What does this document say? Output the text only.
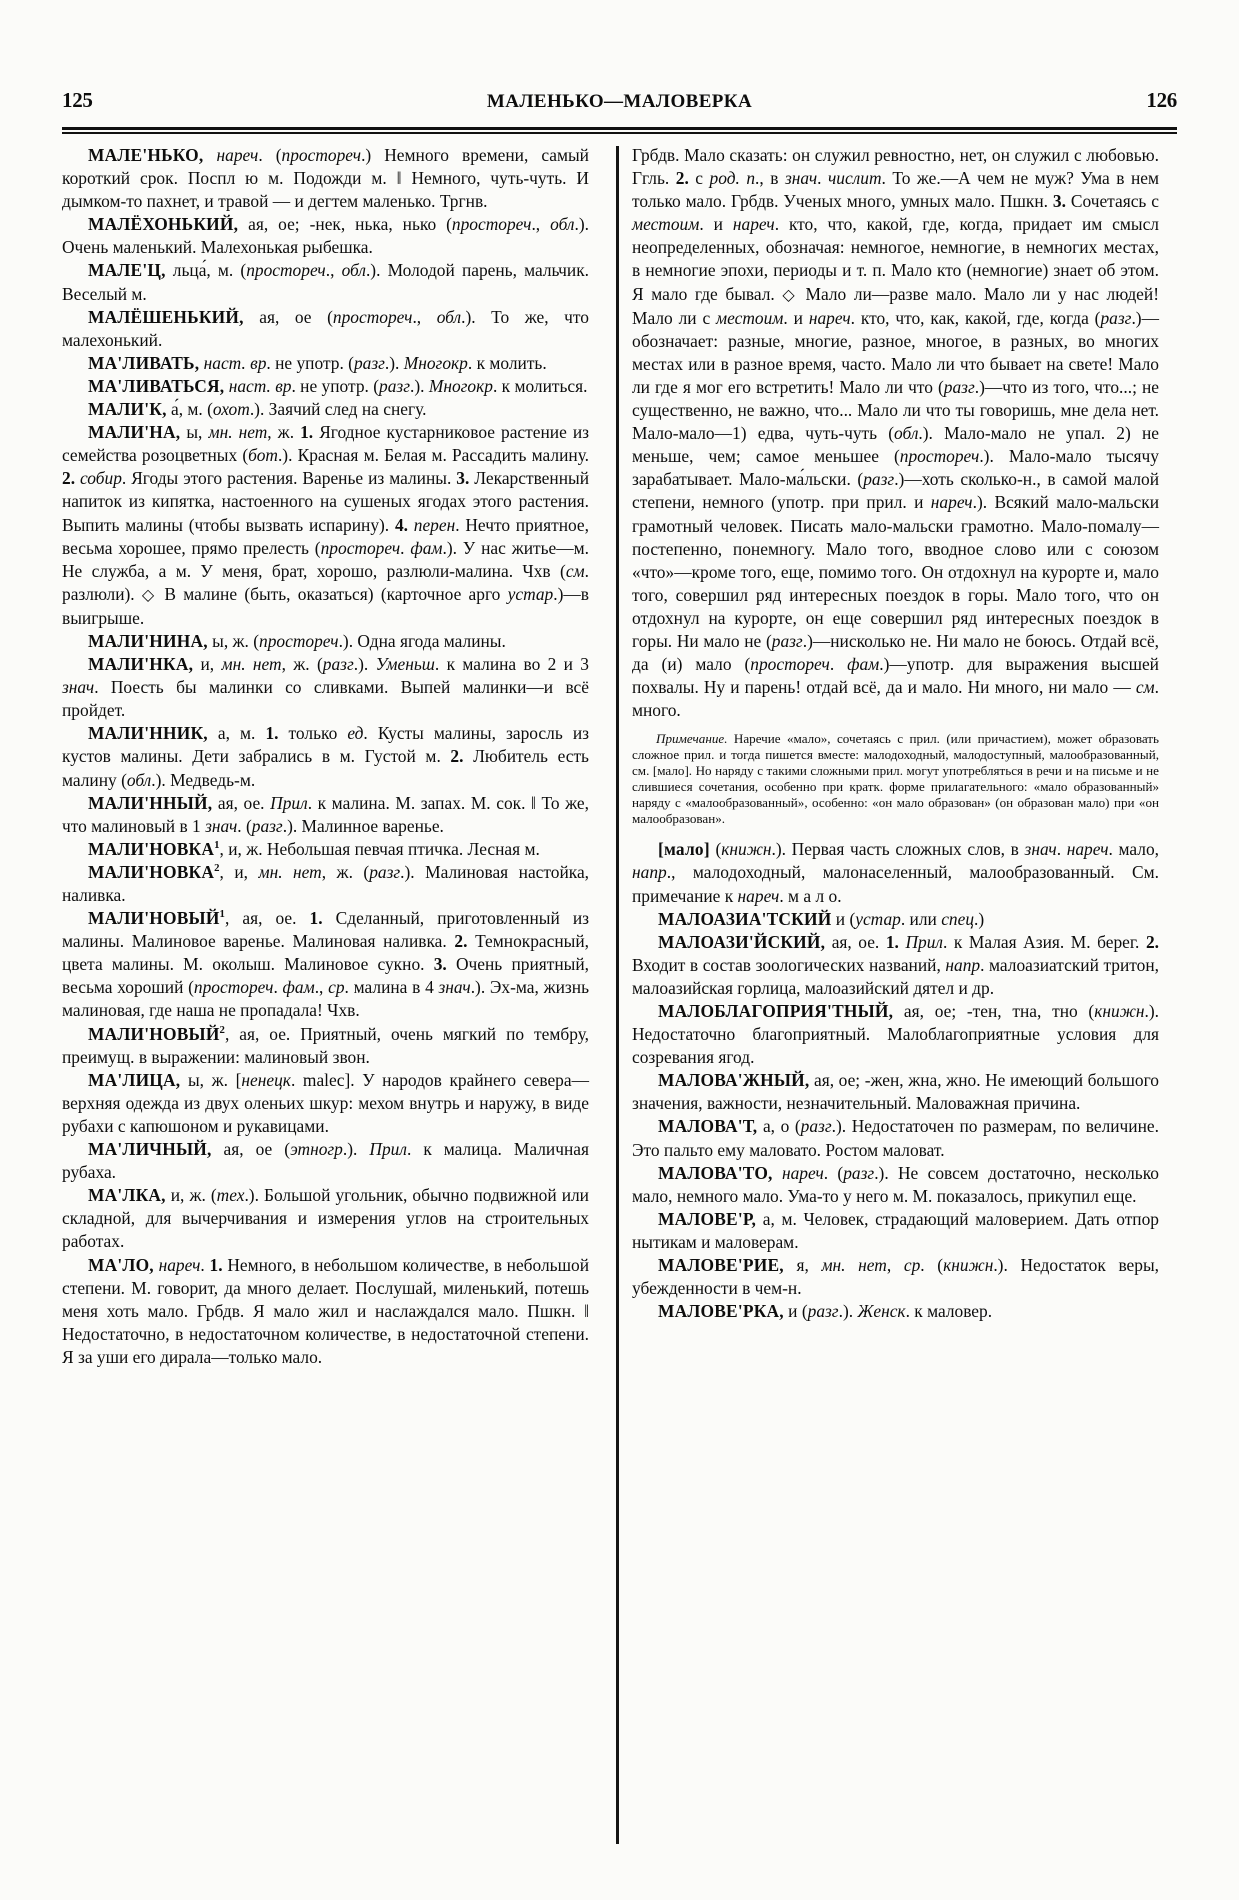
125	МАЛЕНЬКО—МАЛОВЕРКА	126

МАЛЕ'НЬКО, нареч. (простореч.) Немного времени, самый короткий срок. Поспл ю м. Подожди м. ‖ Немного, чуть-чуть. И дымком-то пахнет, и травой — и дегтем маленько. Тргнв.

МАЛЁХОНЬКИЙ, ая, ое; -нек, нька, нько (простореч., обл.). Очень маленький. Малехонькая рыбешка.

МАЛЕ'Ц, льца́, м. (простореч., обл.). Молодой парень, мальчик. Веселый м.

МАЛЁШЕНЬКИЙ, ая, ое (простореч., обл.). То же, что малехонький.

МА'ЛИВАТЬ, наст. вр. не употр. (разг.). Многокр. к молить.

МА'ЛИВАТЬСЯ, наст. вр. не употр. (разг.). Многокр. к молиться.

МАЛИ'К, а́, м. (охот.). Заячий след на снегу.

МАЛИ'НА, ы, мн. нет, ж. 1. Ягодное кустарниковое растение из семейства розоцветных (бот.). Красная м. Белая м. Рассадить малину. 2. собир. Ягоды этого растения. Варенье из малины. 3. Лекарственный напиток из кипятка, настоенного на сушеных ягодах этого растения. Выпить малины (чтобы вызвать испарину). 4. перен. Нечто приятное, весьма хорошее, прямо прелесть (простореч. фам.). У нас житье—м. Не служба, а м. У меня, брат, хорошо, разлюли-малина. Чхв (см. разлюли). ◇ В малине (быть, оказаться) (карточное арго устар.)—в выигрыше.

МАЛИ'НИНА, ы, ж. (простореч.). Одна ягода малины.

МАЛИ'НКА, и, мн. нет, ж. (разг.). Уменьш. к малина во 2 и 3 знач. Поесть бы малинки со сливками. Выпей малинки—и всё пройдет.

МАЛИ'ННИК, а, м. 1. только ед. Кусты малины, заросль из кустов малины. Дети забрались в м. Густой м. 2. Любитель есть малину (обл.). Медведь-м.

МАЛИ'ННЫЙ, ая, ое. Прил. к малина. М. запах. М. сок. ‖ То же, что малиновый в 1 знач. (разг.). Малинное варенье.

МАЛИ'НОВКА$^1$, и, ж. Небольшая певчая птичка. Лесная м.

МАЛИ'НОВКА$^2$, и, мн. нет, ж. (разг.). Малиновая настойка, наливка.

МАЛИ'НОВЫЙ$^1$, ая, ое. 1. Сделанный, приготовленный из малины. Малиновое варенье. Малиновая наливка. 2. Темнокрасный, цвета малины. М. околыш. Малиновое сукно. 3. Очень приятный, весьма хороший (простореч. фам., ср. малина в 4 знач.). Эх-ма, жизнь малиновая, где наша не пропадала! Чхв.

МАЛИ'НОВЫЙ$^2$, ая, ое. Приятный, очень мягкий по тембру, преимущ. в выражении: малиновый звон.

МА'ЛИЦА, ы, ж. [ненецк. malec]. У народов крайнего севера—верхняя одежда из двух оленьих шкур: мехом внутрь и наружу, в виде рубахи с капюшоном и рукавицами.

МА'ЛИЧНЫЙ, ая, ое (этногр.). Прил. к малица. Маличная рубаха.

МА'ЛКА, и, ж. (тех.). Большой угольник, обычно подвижной или складной, для вычерчивания и измерения углов на строительных работах.

МА'ЛО, нареч. 1. Немного, в небольшом количестве, в небольшой степени. М. говорит, да много делает. Послушай, миленький, потешь меня хоть мало. Грбдв. Я мало жил и наслаждался мало. Пшкн. ‖ Недостаточно, в недостаточном количестве, в недостаточной степени. Я за уши его дирала—только мало.

Грбдв. Мало сказать: он служил ревностно, нет, он служил с любовью. Ггль. 2. с род. п., в знач. числит. То же.—А чем не муж? Ума в нем только мало. Грбдв. Ученых много, умных мало. Пшкн. 3. Сочетаясь с местоим. и нареч. кто, что, какой, где, когда, придает им смысл неопределенных, обозначая: немногое, немногие, в немногих местах, в немногие эпохи, периоды и т. п. Мало кто (немногие) знает об этом. Я мало где бывал. ◇ Мало ли—разве мало. Мало ли у нас людей! Мало ли с местоим. и нареч. кто, что, как, какой, где, когда (разг.)—обозначает: разные, многие, разное, многое, в разных, во многих местах или в разное время, часто. Мало ли что бывает на свете! Мало ли где я мог его встретить! Мало ли что (разг.)—что из того, что...; не существенно, не важно, что... Мало ли что ты говоришь, мне дела нет. Мало-мало—1) едва, чуть-чуть (обл.). Мало-мало не упал. 2) не меньше, чем; самое меньшее (простореч.). Мало-мало тысячу зарабатывает. Мало-ма́льски. (разг.)—хоть сколько-н., в самой малой степени, немного (употр. при прил. и нареч.). Всякий мало-мальски грамотный человек. Писать мало-мальски грамотно. Мало-помалу—постепенно, понемногу. Мало того, вводное слово или с союзом «что»—кроме того, еще, помимо того. Он отдохнул на курорте и, мало того, совершил ряд интересных поездок в горы. Мало того, что он отдохнул на курорте, он еще совершил ряд интересных поездок в горы. Ни мало не (разг.)—нисколько не. Ни мало не боюсь. Отдай всё, да (и) мало (простореч. фам.)—употр. для выражения высшей похвалы. Ну и парень! отдай всё, да и мало. Ни много, ни мало — см. много.

Примечание. Наречие «мало», сочетаясь с прил. (или причастием), может образовать сложное прил. и тогда пишется вместе: малодоходный, малодоступный, малообразованный, см. [мало]. Но наряду с такими сложными прил. могут употребляться в речи и на письме и не слившиеся сочетания, особенно при кратк. форме прилагательного: «мало образованный» наряду с «малообразованный», особенно: «он мало образован» (он образован мало) при «он малообразован».

[мало] (книжн.). Первая часть сложных слов, в знач. нареч. мало, напр., малодоходный, малонаселенный, малообразованный. См. примечание к нареч. м а л о.

МАЛОАЗИА'ТСКИЙ и (устар. или спец.)

МАЛОАЗИ'ЙСКИЙ, ая, ое. 1. Прил. к Малая Азия. М. берег. 2. Входит в состав зоологических названий, напр. малоазиатский тритон, малоазийская горлица, малоазийский дятел и др.

МАЛОБЛАГОПРИЯ'ТНЫЙ, ая, ое; -тен, тна, тно (книжн.). Недостаточно благоприятный. Малоблагоприятные условия для созревания ягод.

МАЛОВА'ЖНЫЙ, ая, ое; -жен, жна, жно. Не имеющий большого значения, важности, незначительный. Маловажная причина.

МАЛОВА'Т, а, о (разг.). Недостаточен по размерам, по величине. Это пальто ему маловато. Ростом маловат.

МАЛОВА'ТО, нареч. (разг.). Не совсем достаточно, несколько мало, немного мало. Ума-то у него м. М. показалось, прикупил еще.

МАЛОВЕ'Р, а, м. Человек, страдающий маловерием. Дать отпор нытикам и маловерам.

МАЛОВЕ'РИЕ, я, мн. нет, ср. (книжн.). Недостаток веры, убежденности в чем-н.

МАЛОВЕ'РКА, и (разг.). Женск. к маловер.
